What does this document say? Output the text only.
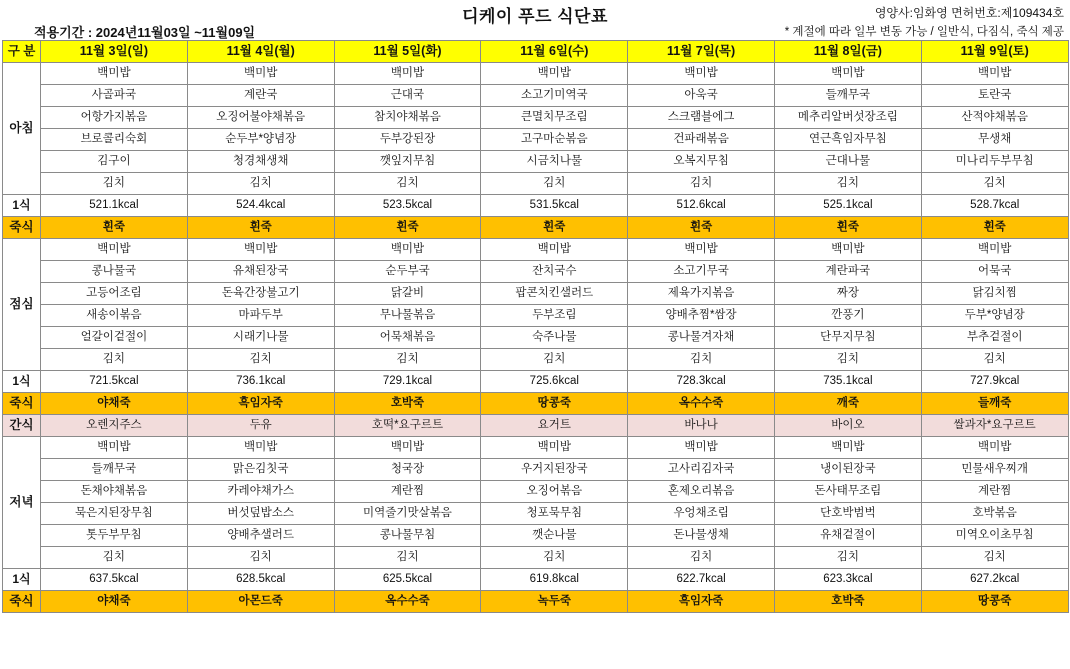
디케이 푸드 식단표	영양사:임화영 면허번호:제109434호
적용기간 : 2024년11월03일 ~11월09일	* 계절에 따라 일부 변동 가능 / 일반식, 다짐식, 죽식 제공
구 분	11월 3일(일)	11월 4일(월)	11월 5일(화)	11월 6일(수)	11월 7일(목)	11월 8일(금)	11월 9일(토)
아침	백미밥	백미밥	백미밥	백미밥	백미밥	백미밥	백미밥
	사골파국	계란국	근대국	소고기미역국	아욱국	들깨무국	토란국
	어항가지볶음	오징어불야채볶음	참치야채볶음	큰멸치무조림	스크램블에그	메추리알버섯장조림	산적야채볶음
	브로콜리숙회	순두부*양념장	두부강된장	고구마순볶음	건파래볶음	연근흑임자무침	무생채
	김구이	청경채생채	깻잎지무침	시금치나물	오복지무침	근대나물	미나리두부무침
	김치	김치	김치	김치	김치	김치	김치
1식	521.1kcal	524.4kcal	523.5kcal	531.5kcal	512.6kcal	525.1kcal	528.7kcal
죽식	흰죽	흰죽	흰죽	흰죽	흰죽	흰죽	흰죽
점심	백미밥	백미밥	백미밥	백미밥	백미밥	백미밥	백미밥
	콩나물국	유채된장국	순두부국	잔치국수	소고기무국	계란파국	어묵국
	고등어조림	돈육간장불고기	닭갈비	팝콘치킨샐러드	제육가지볶음	짜장	닭김치찜
	새송이볶음	마파두부	무나물볶음	두부조림	양배추찜*쌈장	깐풍기	두부*양념장
	얼갈이겉절이	시래기나물	어묵채볶음	숙주나물	콩나물겨자채	단무지무침	부추겉절이
	김치	김치	김치	김치	김치	김치	김치
1식	721.5kcal	736.1kcal	729.1kcal	725.6kcal	728.3kcal	735.1kcal	727.9kcal
죽식	야채죽	흑임자죽	호박죽	땅콩죽	옥수수죽	깨죽	들깨죽
간식	오렌지주스	두유	호떡*요구르트	요거트	바나나	바이오	쌀과자*요구르트
저녁	백미밥	백미밥	백미밥	백미밥	백미밥	백미밥	백미밥
	들깨무국	맑은김칫국	청국장	우거지된장국	고사리김자국	냉이된장국	민물새우찌개
	돈채야채볶음	카레야채가스	계란찜	오징어볶음	혼제오리볶음	돈사태무조림	계란찜
	묵은지된장무침	버섯덮밥소스	미역줄기맛살볶음	청포묵무침	우엉채조림	단호박범벅	호박볶음
	톳두부무침	양배추샐러드	콩나물무침	깻순나물	돈나물생채	유채겉절이	미역오이초무침
	김치	김치	김치	김치	김치	김치	김치
1식	637.5kcal	628.5kcal	625.5kcal	619.8kcal	622.7kcal	623.3kcal	627.2kcal
죽식	야채죽	아몬드죽	옥수수죽	녹두죽	흑임자죽	호박죽	땅콩죽
